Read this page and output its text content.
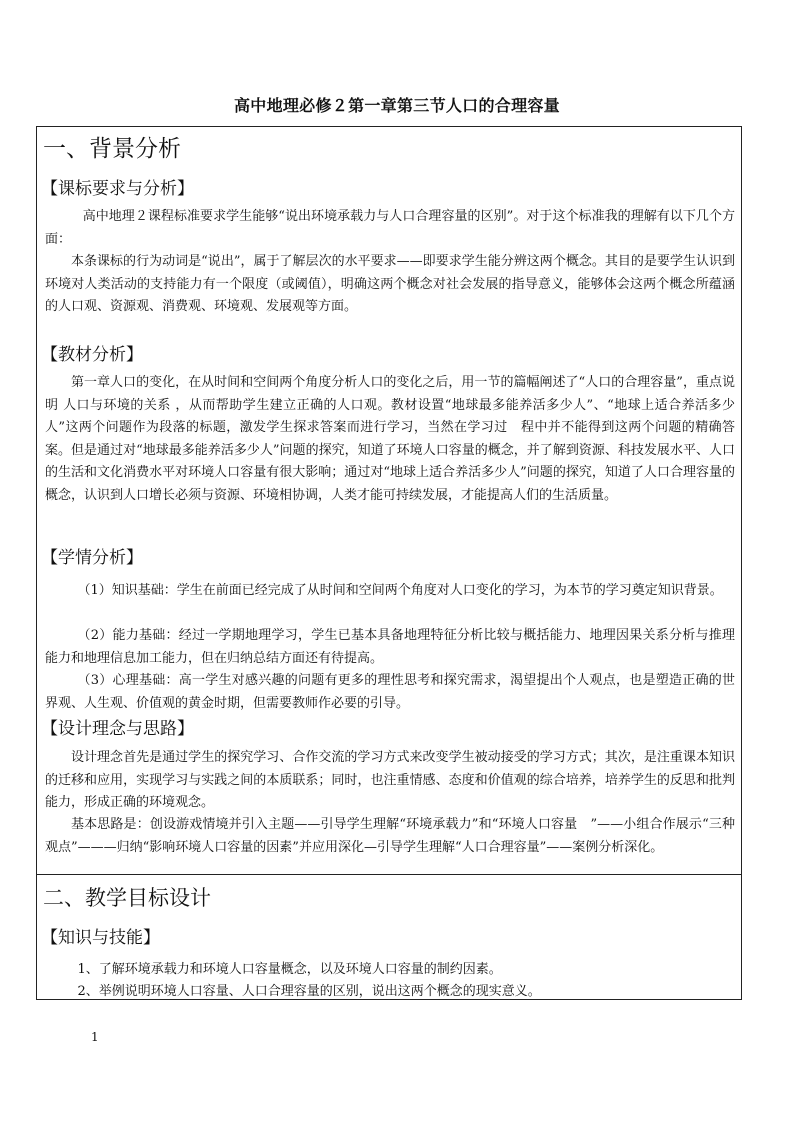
高中地理必修２第一章第三节人口的合理容量
一、背景分析
【课标要求与分析】
高中地理２课程标准要求学生能够“说出环境承载力与人口合理容量的区别”。对于这个标准我的理解有以下几个方面：
本条课标的行为动词是“说出”，属于了解层次的水平要求——即要求学生能分辨这两个概念。其目的是要学生认识到环境对人类活动的支持能力有一个限度（或阈值），明确这两个概念对社会发展的指导意义，能够体会这两个概念所蕴涵的人口观、资源观、消费观、环境观、发展观等方面。
【教材分析】
第一章人口的变化，在从时间和空间两个角度分析人口的变化之后，用一节的篇幅阐述了“人口的合理容量”，重点说明 人口与环境的关系 ，从而帮助学生建立正确的人口观。教材设置“地球最多能养活多少人”、“地球上适合养活多少人”这两个问题作为段落的标题，激发学生探求答案而进行学习，当然在学习过　程中并不能得到这两个问题的精确答案。但是通过对“地球最多能养活多少人”问题的探究，知道了环境人口容量的概念，并了解到资源、科技发展水平、人口的生活和文化消费水平对环境人口容量有很大影响；通过对“地球上适合养活多少人”问题的探究，知道了人口合理容量的概念，认识到人口增长必须与资源、环境相协调，人类才能可持续发展，才能提高人们的生活质量。
【学情分析】
（1）知识基础：学生在前面已经完成了从时间和空间两个角度对人口变化的学习，为本节的学习奠定知识背景。
（2）能力基础：经过一学期地理学习，学生已基本具备地理特征分析比较与概括能力、地理因果关系分析与推理能力和地理信息加工能力，但在归纳总结方面还有待提高。
（3）心理基础：高一学生对感兴趣的问题有更多的理性思考和探究需求，渴望提出个人观点，也是塑造正确的世界观、人生观、价值观的黄金时期，但需要教师作必要的引导。
【设计理念与思路】
设计理念首先是通过学生的探究学习、合作交流的学习方式来改变学生被动接受的学习方式；其次，是注重课本知识的迁移和应用，实现学习与实践之间的本质联系；同时，也注重情感、态度和价值观的综合培养，培养学生的反思和批判能力，形成正确的环境观念。
基本思路是：创设游戏情境并引入主题——引导学生理解“环境承载力”和“环境人口容量　”——小组合作展示“三种观点”———归纳“影响环境人口容量的因素”并应用深化—引导学生理解“人口合理容量”——案例分析深化。
二、教学目标设计
【知识与技能】
1、了解环境承载力和环境人口容量概念，以及环境人口容量的制约因素。
2、举例说明环境人口容量、人口合理容量的区别，说出这两个概念的现实意义。
1
